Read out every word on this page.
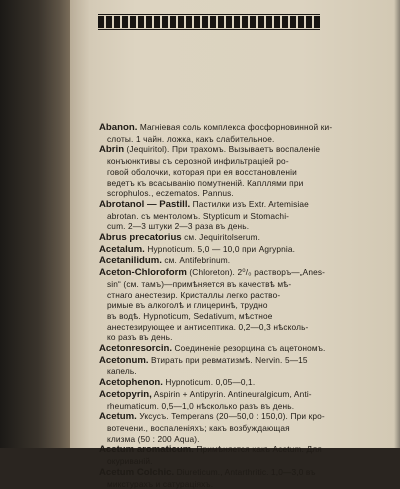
Abanon. Магнiевая соль комплекса фосфорновинной ки-
слоты. 1 чайн. ложка, какъ слабительное.
Abrin (Jequiritol). При трахомъ. Вызываетъ воспаленiе
конъюнктивы съ серозной инфильтрацiей ро-
говой оболочки, которая при ея восстановленiи
ведетъ къ всасыванiю помутненiй. Капллями при
scrophulos., eczematos. Pannus.
Abrotanol — Pastill. Пастилки изъ Extr. Artemisiae
abrotan. съ ментоломъ. Stypticum и Stomachi-
cum. 2—3 штуки 2—3 раза въ день.
Abrus precatorius см. Jequiritolserum.
Acetalum. Hypnoticum. 5,0 — 10,0 при Agrypnia.
Acetanilidum. см. Antifebrinum.
Aceton-Chloroform (Chloreton). 2⁰/₀ растворъ—„Anes-
sin“ (см. тамъ)—примѣняется въ качествѣ мѣ-
стнаго анестезир. Кристаллы легко раство-
римые въ алкоголѣ и глицеринѣ, трудно
въ водѣ. Hypnoticum, Sedativum, мѣстное
анестезирующее и антисептика. 0,2—0,3 нѣсколь-
ко разъ въ день.
Acetonresorcin. Соединенiе резорцина съ ацетономъ.
Acetonum. Втирать при ревматизмѣ. Nervin. 5—15
капель.
Acetophenon. Hypnoticum. 0,05—0,1.
Acetopyrin, Aspirin + Antipyrin. Antineuralgicum, Anti-
rheumaticum. 0,5—1,0 нѣсколько разъ въ день.
Acetum. Уксусъ. Temperans (20—50,0 : 150,0). При кро-
вотечени., воспаленiяхъ; какъ возбуждающая
клизма (50 : 200 Aqua).
Acetum aromaticum. Примѣняется какъ Acetum. Для
окуриванiй.
Acetum Colchic. Diureticum., Antarthritic. 1,0—3,0 въ
микстурахъ и сатурацiяхъ.
